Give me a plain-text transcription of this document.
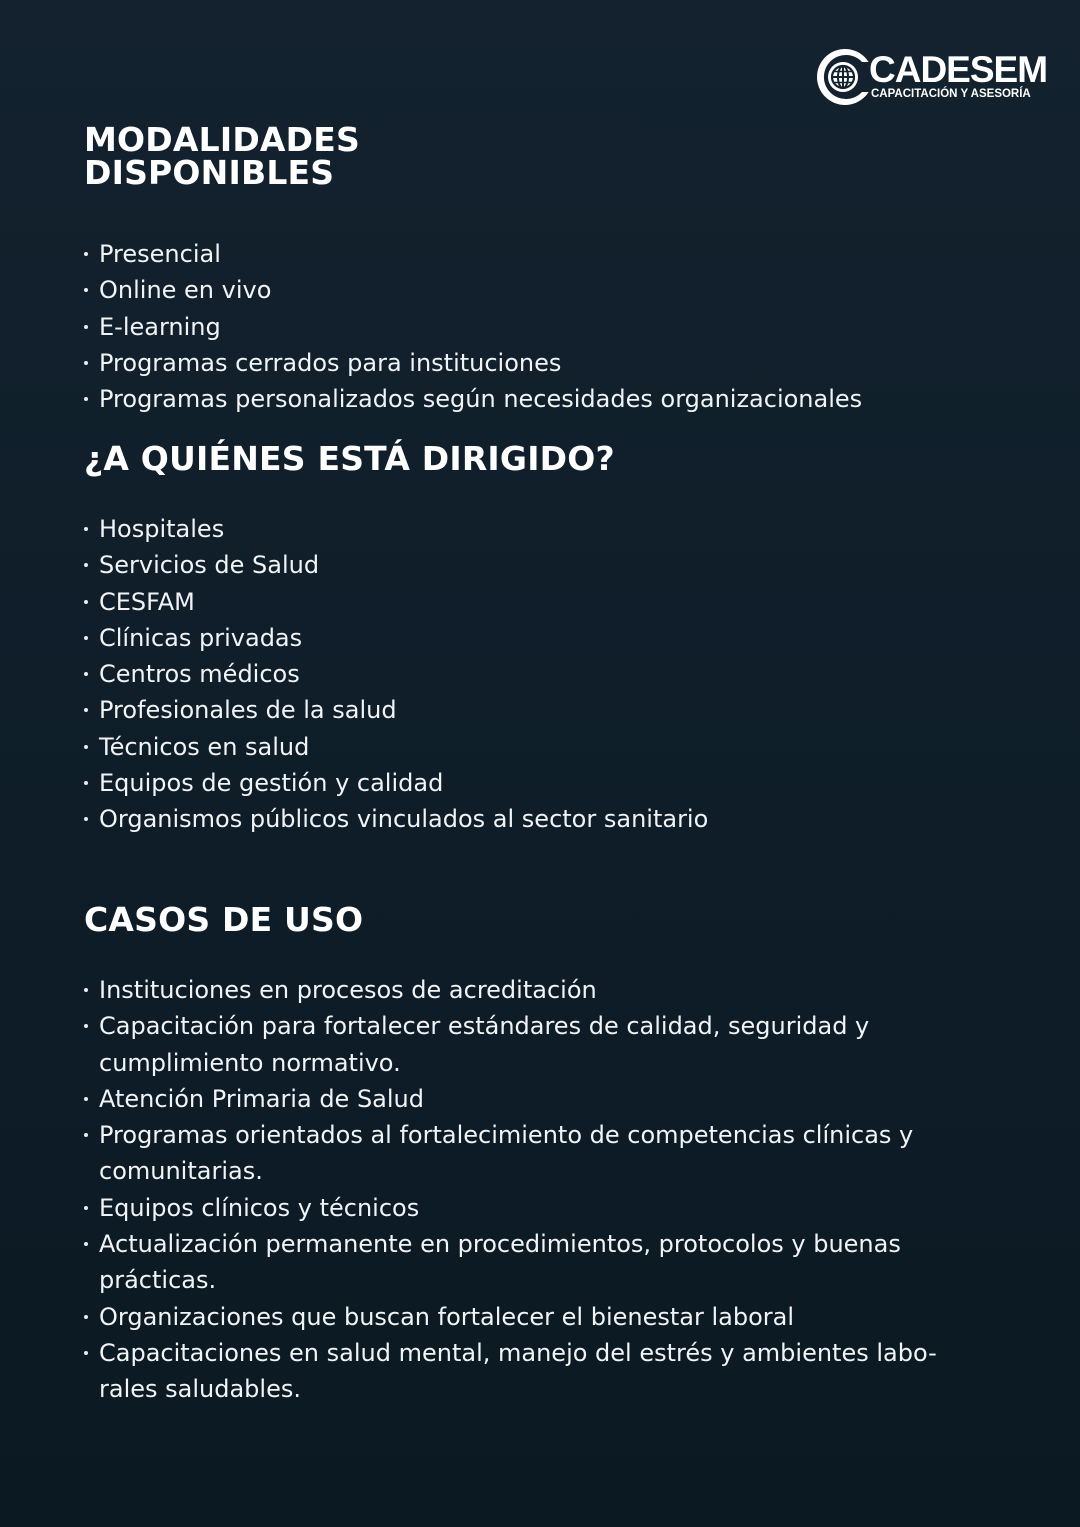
CADESEM
CAPACITACIÓN Y ASESORÍA
MODALIDADES
DISPONIBLES
Presencial
Online en vivo
E-learning
Programas cerrados para instituciones
Programas personalizados según necesidades organizacionales
¿A QUIÉNES ESTÁ DIRIGIDO?
Hospitales
Servicios de Salud
CESFAM
Clínicas privadas
Centros médicos
Profesionales de la salud
Técnicos en salud
Equipos de gestión y calidad
Organismos públicos vinculados al sector sanitario
CASOS DE USO
Instituciones en procesos de acreditación
Capacitación para fortalecer estándares de calidad, seguridad y
cumplimiento normativo.
Atención Primaria de Salud
Programas orientados al fortalecimiento de competencias clínicas y
comunitarias.
Equipos clínicos y técnicos
Actualización permanente en procedimientos, protocolos y buenas
prácticas.
Organizaciones que buscan fortalecer el bienestar laboral
Capacitaciones en salud mental, manejo del estrés y ambientes labo-
rales saludables.
